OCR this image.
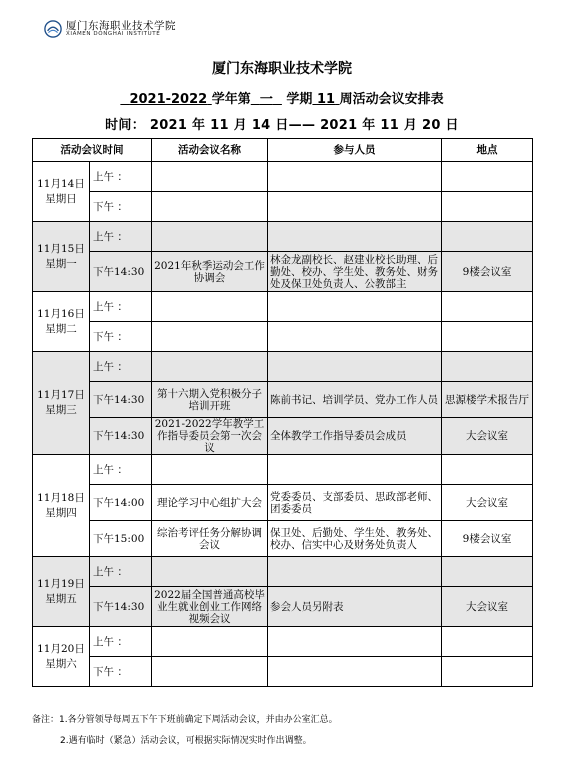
厦门东海职业技术学院
XIAMEN DONGHAI INSTITUTE
厦门东海职业技术学院
2021-2022 学年第 一 学期 11 周活动会议安排表
时间： 2021 年 11 月 14 日—— 2021 年 11 月 20 日
活动会议时间		活动会议名称	参与人员	地点
11月14日
星期日	上午 ：			
	下午 ：			
11月15日
星期一	上午 ：			
	下午14:30	2021年秋季运动会工作协调会	林金龙副校长、赵建业校长助理、后勤处、校办、学生处、教务处、财务处及保卫处负责人、公教部主	9楼会议室
11月16日
星期二	上午 ：			
	下午 ：			
11月17日
星期三	上午 ：			
	下午14:30	第十六期入党积极分子培训开班	陈前书记、培训学员、党办工作人员	思源楼学术报告厅
	下午14:30	2021-2022学年教学工作指导委员会第一次会议	全体教学工作指导委员会成员	大会议室
11月18日
星期四	上午 ：			
	下午14:00	理论学习中心组扩大会	党委委员、支部委员、思政部老师、团委委员	大会议室
	下午15:00	综治考评任务分解协调会议	保卫处、后勤处、学生处、教务处、校办、信实中心及财务处负责人	9楼会议室
11月19日
星期五	上午 ：			
	下午14:30	2022届全国普通高校毕业生就业创业工作网络视频会议	参会人员另附表	大会议室
11月20日
星期六	上午 ：			
	下午 ：			
备注：1.各分管领导每周五下午下班前确定下周活动会议，并由办公室汇总。
2.遇有临时（紧急）活动会议，可根据实际情况实时作出调整。
